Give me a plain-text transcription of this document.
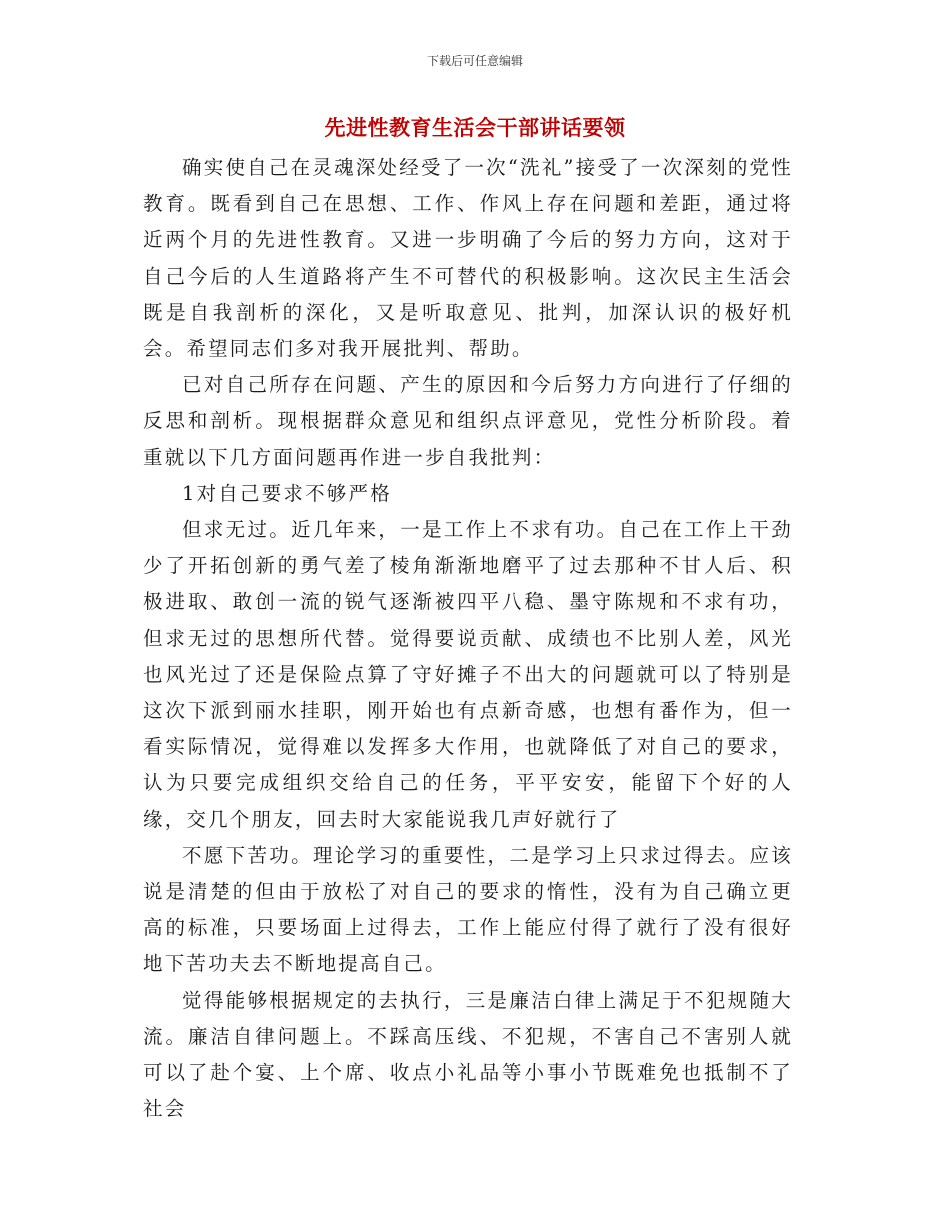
下载后可任意编辑
先进性教育生活会干部讲话要领

确实使自己在灵魂深处经受了一次“洗礼”接受了一次深刻的党性教育。既看到自己在思想、工作、作风上存在问题和差距，通过将近两个月的先进性教育。又进一步明确了今后的努力方向，这对于自己今后的人生道路将产生不可替代的积极影响。这次民主生活会既是自我剖析的深化，又是听取意见、批判，加深认识的极好机会。希望同志们多对我开展批判、帮助。

已对自己所存在问题、产生的原因和今后努力方向进行了仔细的反思和剖析。现根据群众意见和组织点评意见，党性分析阶段。着重就以下几方面问题再作进一步自我批判：

1对自己要求不够严格

但求无过。近几年来，一是工作上不求有功。自己在工作上干劲少了开拓创新的勇气差了棱角渐渐地磨平了过去那种不甘人后、积极进取、敢创一流的锐气逐渐被四平八稳、墨守陈规和不求有功，但求无过的思想所代替。觉得要说贡献、成绩也不比别人差，风光也风光过了还是保险点算了守好摊子不出大的问题就可以了特别是这次下派到丽水挂职，刚开始也有点新奇感，也想有番作为，但一看实际情况，觉得难以发挥多大作用，也就降低了对自己的要求，认为只要完成组织交给自己的任务，平平安安，能留下个好的人缘，交几个朋友，回去时大家能说我几声好就行了

不愿下苦功。理论学习的重要性，二是学习上只求过得去。应该说是清楚的但由于放松了对自己的要求的惰性，没有为自己确立更高的标准，只要场面上过得去，工作上能应付得了就行了没有很好地下苦功夫去不断地提高自己。

觉得能够根据规定的去执行，三是廉洁白律上满足于不犯规随大流。廉洁自律问题上。不踩高压线、不犯规，不害自己不害别人就可以了赴个宴、上个席、收点小礼品等小事小节既难免也抵制不了社会
